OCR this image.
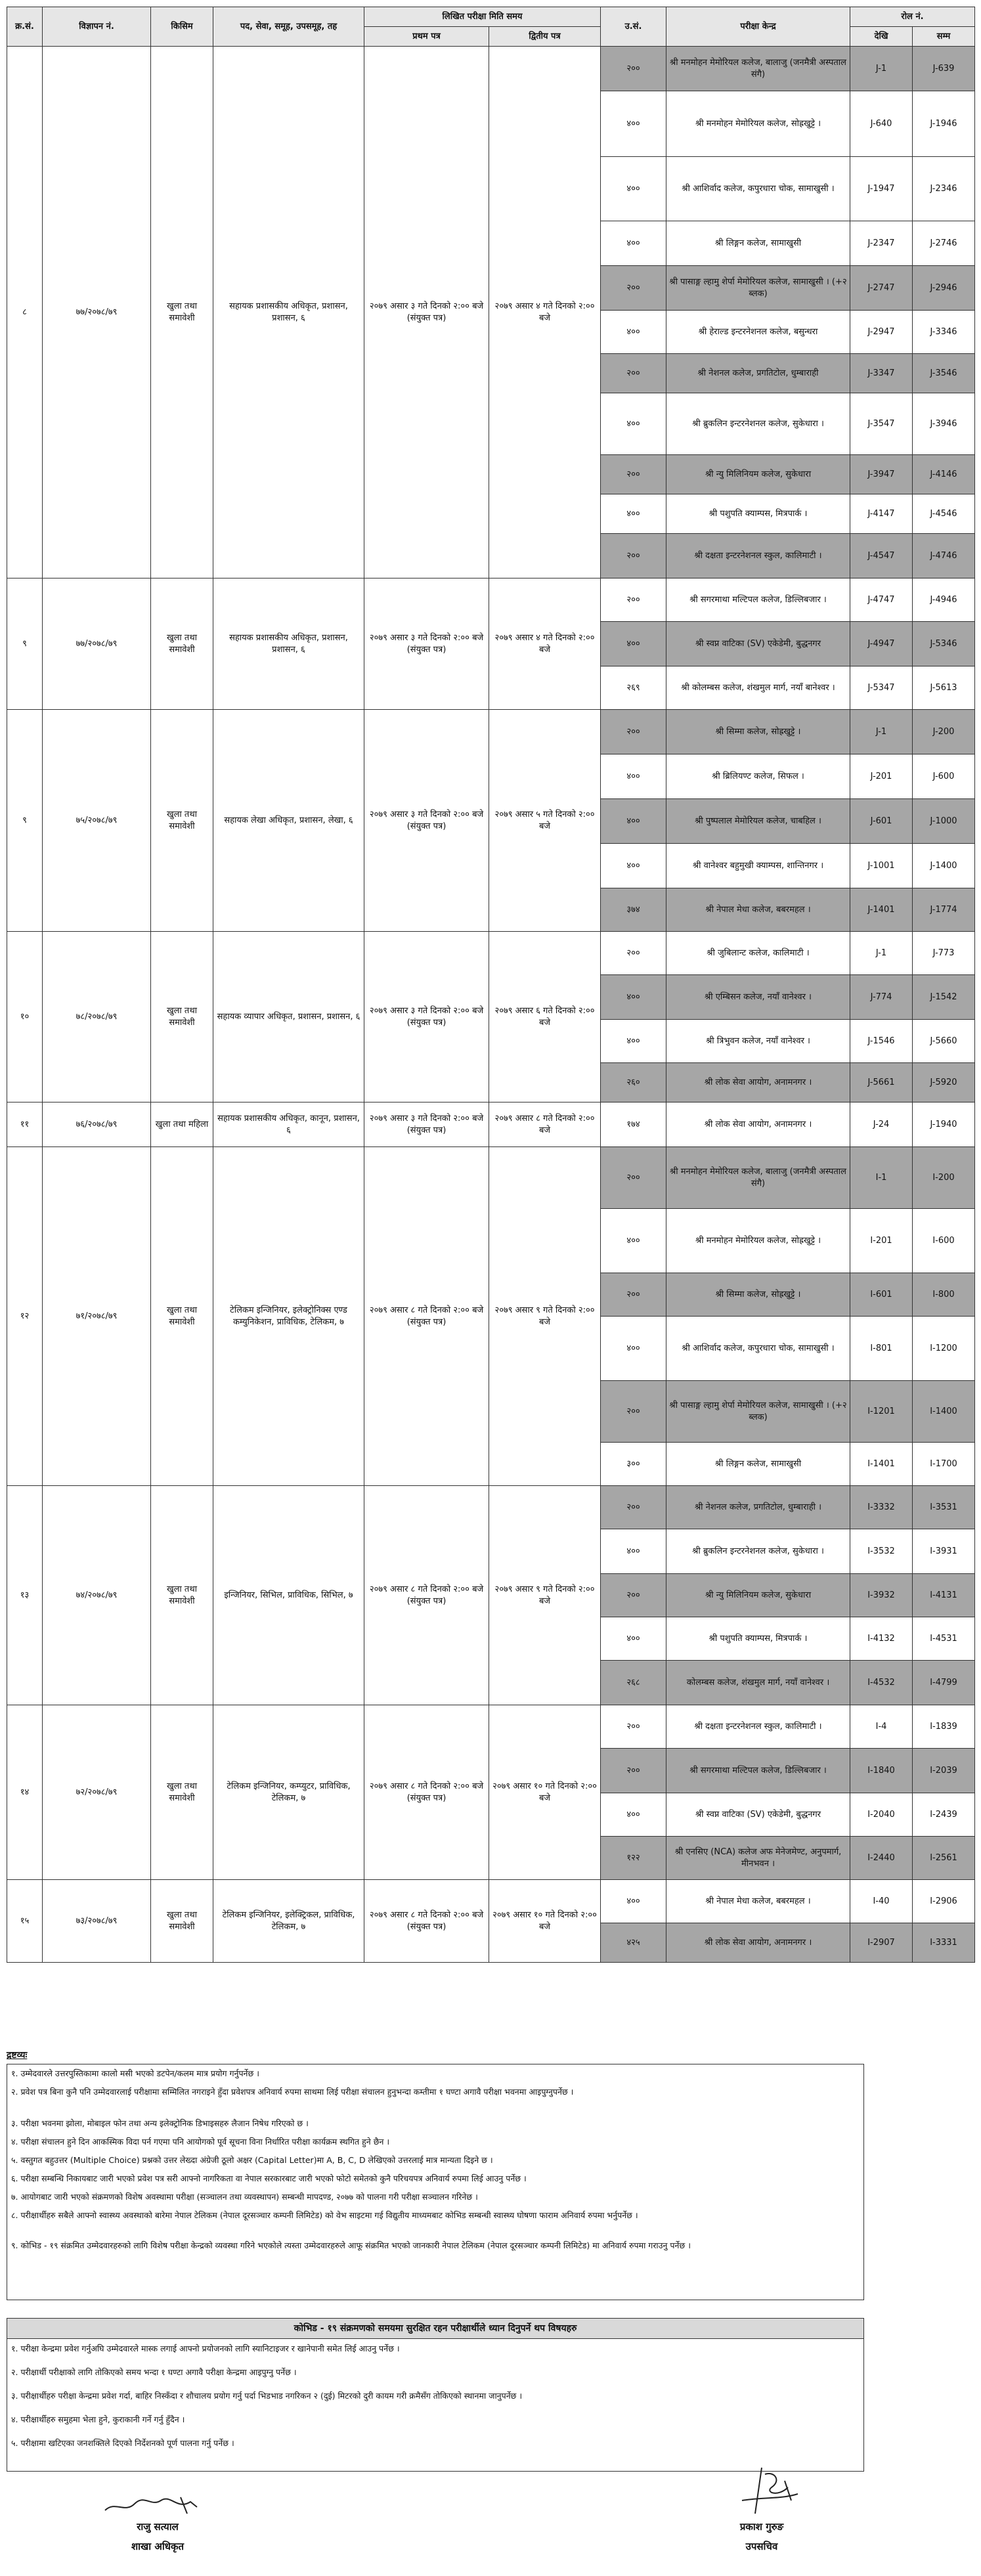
क्र.सं.	विज्ञापन नं.	किसिम	पद, सेवा, समूह, उपसमूह, तह	लिखित परीक्षा मिति समय		उ.सं.	परीक्षा केन्द्र	रोल नं.	
				प्रथम पत्र	द्वितीय पत्र			देखि	सम्म
८	७७/२०७८/७९	खुला तथा समावेशी	सहायक प्रशासकीय अधिकृत, प्रशासन, प्रशासन, ६	२०७९ असार ३ गते दिनको २:०० बजे (संयुक्त पत्र)	२०७९ असार ४ गते दिनको २:०० बजे	२००	श्री मनमोहन मेमोरियल कलेज, बालाजु (जनमैत्री अस्पताल संगै)	J-1	J-639
						४००	श्री मनमोहन मेमोरियल कलेज, सोह्रखुट्टे ।	J-640	J-1946
						४००	श्री आशिर्वाद कलेज, कपुरधारा चोक, सामाखुसी ।	J-1947	J-2346
						४००	श्री लिङ्गन कलेज, सामाखुसी	J-2347	J-2746
						२००	श्री पासाङ्ग ल्हामु शेर्पा मेमोरियल कलेज, सामाखुसी । (+२ ब्लक)	J-2747	J-2946
						४००	श्री हेराल्ड इन्टरनेशनल कलेज, बसुन्धरा	J-2947	J-3346
						२००	श्री नेशनल कलेज, प्रगतिटोल, धुम्बाराही	J-3347	J-3546
						४००	श्री ब्रुकलिन इन्टरनेशनल कलेज, सुकेधारा ।	J-3547	J-3946
						२००	श्री न्यु मिलिनियम कलेज, सुकेधारा	J-3947	J-4146
						४००	श्री पशुपति क्याम्पस, मित्रपार्क ।	J-4147	J-4546
						२००	श्री दक्षता इन्टरनेशनल स्कुल, कालिमाटी ।	J-4547	J-4746
९	७७/२०७८/७९	खुला तथा समावेशी	सहायक प्रशासकीय अधिकृत, प्रशासन, प्रशासन, ६	२०७९ असार ३ गते दिनको २:०० बजे (संयुक्त पत्र)	२०७९ असार ४ गते दिनको २:०० बजे	२००	श्री सगरमाथा मल्टिपल कलेज, डिल्लिबजार ।	J-4747	J-4946
						४००	श्री स्वप्न वाटिका (SV) एकेडेमी, बुद्धनगर	J-4947	J-5346
						२६९	श्री कोलम्बस कलेज, शंखमुल मार्ग, नयाँ बानेश्वर ।	J-5347	J-5613
९	७५/२०७८/७९	खुला तथा समावेशी	सहायक लेखा अधिकृत, प्रशासन, लेखा, ६	२०७९ असार ३ गते दिनको २:०० बजे (संयुक्त पत्र)	२०७९ असार ५ गते दिनको २:०० बजे	२००	श्री सिम्मा कलेज, सोह्रखुट्टे ।	J-1	J-200
						४००	श्री ब्रिलियण्ट कलेज, सिफल ।	J-201	J-600
						४००	श्री पुष्पलाल मेमोरियल कलेज, चाबहिल ।	J-601	J-1000
						४००	श्री वानेश्वर बहुमुखी क्याम्पस, शान्तिनगर ।	J-1001	J-1400
						३७४	श्री नेपाल मेधा कलेज, बबरमहल ।	J-1401	J-1774
१०	७८/२०७८/७९	खुला तथा समावेशी	सहायक व्यापार अधिकृत, प्रशासन, प्रशासन, ६	२०७९ असार ३ गते दिनको २:०० बजे (संयुक्त पत्र)	२०७९ असार ६ गते दिनको २:०० बजे	२००	श्री जुबिलान्ट कलेज, कालिमाटी ।	J-1	J-773
						४००	श्री एम्बिसन कलेज, नयाँ वानेश्वर ।	J-774	J-1542
						४००	श्री त्रिभुवन कलेज, नयाँ वानेश्वर ।	J-1546	J-5660
						२६०	श्री लोक सेवा आयोग, अनामनगर ।	J-5661	J-5920
११	७६/२०७८/७९	खुला तथा महिला	सहायक प्रशासकीय अधिकृत, कानून, प्रशासन, ६	२०७९ असार ३ गते दिनको २:०० बजे (संयुक्त पत्र)	२०७९ असार ८ गते दिनको २:०० बजे	१७४	श्री लोक सेवा आयोग, अनामनगर ।	J-24	J-1940
१२	७१/२०७८/७९	खुला तथा समावेशी	टेलिकम इन्जिनियर, इलेक्ट्रोनिक्स एण्ड कम्युनिकेशन, प्राविधिक, टेलिकम, ७	२०७९ असार ८ गते दिनको २:०० बजे (संयुक्त पत्र)	२०७९ असार ९ गते दिनको २:०० बजे	२००	श्री मनमोहन मेमोरियल कलेज, बालाजु (जनमैत्री अस्पताल संगै)	I-1	I-200
						४००	श्री मनमोहन मेमोरियल कलेज, सोह्रखुट्टे ।	I-201	I-600
						२००	श्री सिम्मा कलेज, सोह्रखुट्टे ।	I-601	I-800
						४००	श्री आशिर्वाद कलेज, कपुरधारा चोक, सामाखुसी ।	I-801	I-1200
						२००	श्री पासाङ्ग ल्हामु शेर्पा मेमोरियल कलेज, सामाखुसी । (+२ ब्लक)	I-1201	I-1400
						३००	श्री लिङ्गन कलेज, सामाखुसी	I-1401	I-1700
१३	७४/२०७८/७९	खुला तथा समावेशी	इन्जिनियर, सिभिल, प्राविधिक, सिभिल, ७	२०७९ असार ८ गते दिनको २:०० बजे (संयुक्त पत्र)	२०७९ असार ९ गते दिनको २:०० बजे	२००	श्री नेशनल कलेज, प्रगतिटोल, धुम्बाराही ।	I-3332	I-3531
						४००	श्री ब्रुकलिन इन्टरनेशनल कलेज, सुकेधारा ।	I-3532	I-3931
						२००	श्री न्यु मिलिनियम कलेज, सुकेधारा	I-3932	I-4131
						४००	श्री पशुपति क्याम्पस, मित्रपार्क ।	I-4132	I-4531
						२६८	कोलम्बस कलेज, शंखमुल मार्ग, नयाँ वानेश्वर ।	I-4532	I-4799
१४	७२/२०७८/७९	खुला तथा समावेशी	टेलिकम इन्जिनियर, कम्प्युटर, प्राविधिक, टेलिकम, ७	२०७९ असार ८ गते दिनको २:०० बजे (संयुक्त पत्र)	२०७९ असार १० गते दिनको २:०० बजे	२००	श्री दक्षता इन्टरनेशनल स्कुल, कालिमाटी ।	I-4	I-1839
						२००	श्री सगरमाथा मल्टिपल कलेज, डिल्लिबजार ।	I-1840	I-2039
						४००	श्री स्वप्न वाटिका (SV) एकेडेमी, बुद्धनगर	I-2040	I-2439
						१२२	श्री एनसिए (NCA) कलेज अफ मेनेजमेण्ट, अनुपमार्ग, मीनभवन ।	I-2440	I-2561
१५	७३/२०७८/७९	खुला तथा समावेशी	टेलिकम इन्जिनियर, इलेक्ट्रिकल, प्राविधिक, टेलिकम, ७	२०७९ असार ८ गते दिनको २:०० बजे (संयुक्त पत्र)	२०७९ असार १० गते दिनको २:०० बजे	४००	श्री नेपाल मेधा कलेज, बबरमहल ।	I-40	I-2906
						४२५	श्री लोक सेवा आयोग, अनामनगर ।	I-2907	I-3331
द्रष्टव्यः
१. उम्मेदवारले उत्तरपुस्तिकामा कालो मसी भएको डटपेन/कलम मात्र प्रयोग गर्नुपर्नेछ ।
२. प्रवेश पत्र बिना कुनै पनि उम्मेदवारलाई परीक्षामा सम्मिलित नगराइने हुँदा प्रवेशपत्र अनिवार्य रुपमा साथमा लिई परीक्षा संचालन हुनुभन्दा कम्तीमा १ घण्टा अगावै परीक्षा भवनमा आइपुग्नुपर्नेछ ।
३. परीक्षा भवनमा झोला, मोबाइल फोन तथा अन्य इलेक्ट्रोनिक डिभाइसहरु लैजान निषेध गरिएको छ ।
४. परीक्षा संचालन हुने दिन आकस्मिक विदा पर्न गएमा पनि आयोगको पूर्व सूचना विना निर्धारित परीक्षा कार्यक्रम स्थगित हुने छैन ।
५. वस्तुगत बहुउत्तर (Multiple Choice) प्रश्नको उत्तर लेख्दा अंग्रेजी ठूलो अक्षर (Capital Letter)मा A, B, C, D लेखिएको उत्तरलाई मात्र मान्यता दिइने छ ।
६. परीक्षा सम्बन्धि निकायबाट जारी भएको प्रवेश पत्र सरी आफ्नो नागरिकता वा नेपाल सरकारबाट जारी भएको फोटो समेतको कुनै परिचयपत्र अनिवार्य रुपमा लिई आउनु पर्नेछ ।
७. आयोगबाट जारी भएको संक्रमणको विशेष अवस्थामा परीक्षा (सञ्चालन तथा व्यवस्थापन) सम्बन्धी मापदण्ड, २०७७ को पालना गरी परीक्षा सञ्चालन गरिनेछ ।
८. परीक्षार्थीहरु सबैले आफ्नो स्वास्थ्य अवस्थाको बारेमा नेपाल टेलिकम (नेपाल दूरसञ्चार कम्पनी लिमिटेड) को वेभ साइटमा गई विद्युतीय माध्यमबाट कोभिड सम्बन्धी स्वास्थ्य घोषणा फाराम अनिवार्य रुपमा भर्नुपर्नेछ ।
९. कोभिड - १९ संक्रमित उम्मेदवारहरुको लागि विशेष परीक्षा केन्द्रको व्यवस्था गरिने भएकोले त्यस्ता उम्मेदवारहरुले आफू संक्रमित भएको जानकारी नेपाल टेलिकम (नेपाल दूरसञ्चार कम्पनी लिमिटेड) मा अनिवार्य रुपमा गराउनु पर्नेछ ।
कोभिड - १९ संक्रमणको समयमा सुरक्षित रहन परीक्षार्थीले ध्यान दिनुपर्ने थप विषयहरु
१. परीक्षा केन्द्रमा प्रवेश गर्नुअघि उम्मेदवारले मास्क लगाई आफ्नो प्रयोजनको लागि स्यानिटाइजर र खानेपानी समेत लिई आउनु पर्नेछ ।
२. परीक्षार्थी परीक्षाको लागि तोकिएको समय भन्दा १ घण्टा अगावै परीक्षा केन्द्रमा आइपुग्नु पर्नेछ ।
३. परीक्षार्थीहरु परीक्षा केन्द्रमा प्रवेश गर्दा, बाहिर निस्कँदा र शौचालय प्रयोग गर्नु पर्दा भिडभाड नगरिकन २ (दुई) मिटरको दुरी कायम गरी क्रमैसँग तोकिएको स्थानमा जानुपर्नेछ ।
४. परीक्षार्थीहरु समुहमा भेला हुने, कुराकानी गर्ने गर्नु हुँदैन ।
५. परीक्षामा खटिएका जनशक्तिले दिएको निर्देशनको पूर्ण पालना गर्नु पर्नेछ ।
राजु सत्याल
शाखा अधिकृत
प्रकाश गुरुङ
उपसचिव
